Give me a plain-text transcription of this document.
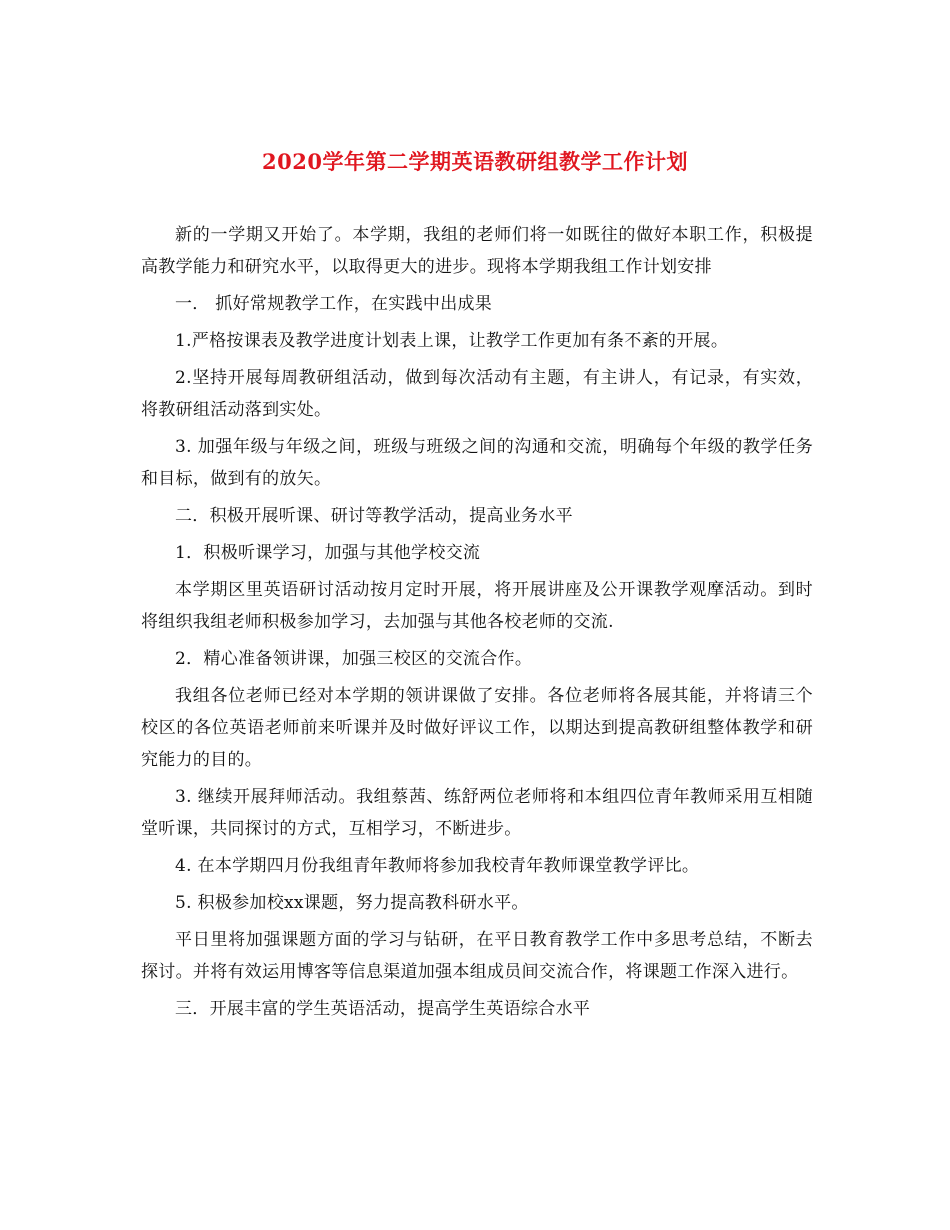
2020学年第二学期英语教研组教学工作计划

新的一学期又开始了。本学期，我组的老师们将一如既往的做好本职工作，积极提高教学能力和研究水平，以取得更大的进步。现将本学期我组工作计划安排

一． 抓好常规教学工作，在实践中出成果

1.严格按课表及教学进度计划表上课，让教学工作更加有条不紊的开展。

2.坚持开展每周教研组活动，做到每次活动有主题，有主讲人，有记录，有实效，将教研组活动落到实处。

3. 加强年级与年级之间，班级与班级之间的沟通和交流，明确每个年级的教学任务和目标，做到有的放矢。

二．积极开展听课、研讨等教学活动，提高业务水平

1．积极听课学习，加强与其他学校交流

本学期区里英语研讨活动按月定时开展，将开展讲座及公开课教学观摩活动。到时将组织我组老师积极参加学习，去加强与其他各校老师的交流.

2．精心准备领讲课，加强三校区的交流合作。

我组各位老师已经对本学期的领讲课做了安排。各位老师将各展其能，并将请三个校区的各位英语老师前来听课并及时做好评议工作，以期达到提高教研组整体教学和研究能力的目的。

3. 继续开展拜师活动。我组蔡茜、练舒两位老师将和本组四位青年教师采用互相随堂听课，共同探讨的方式，互相学习，不断进步。

4. 在本学期四月份我组青年教师将参加我校青年教师课堂教学评比。

5. 积极参加校xx课题，努力提高教科研水平。

平日里将加强课题方面的学习与钻研，在平日教育教学工作中多思考总结，不断去探讨。并将有效运用博客等信息渠道加强本组成员间交流合作，将课题工作深入进行。

三．开展丰富的学生英语活动，提高学生英语综合水平
